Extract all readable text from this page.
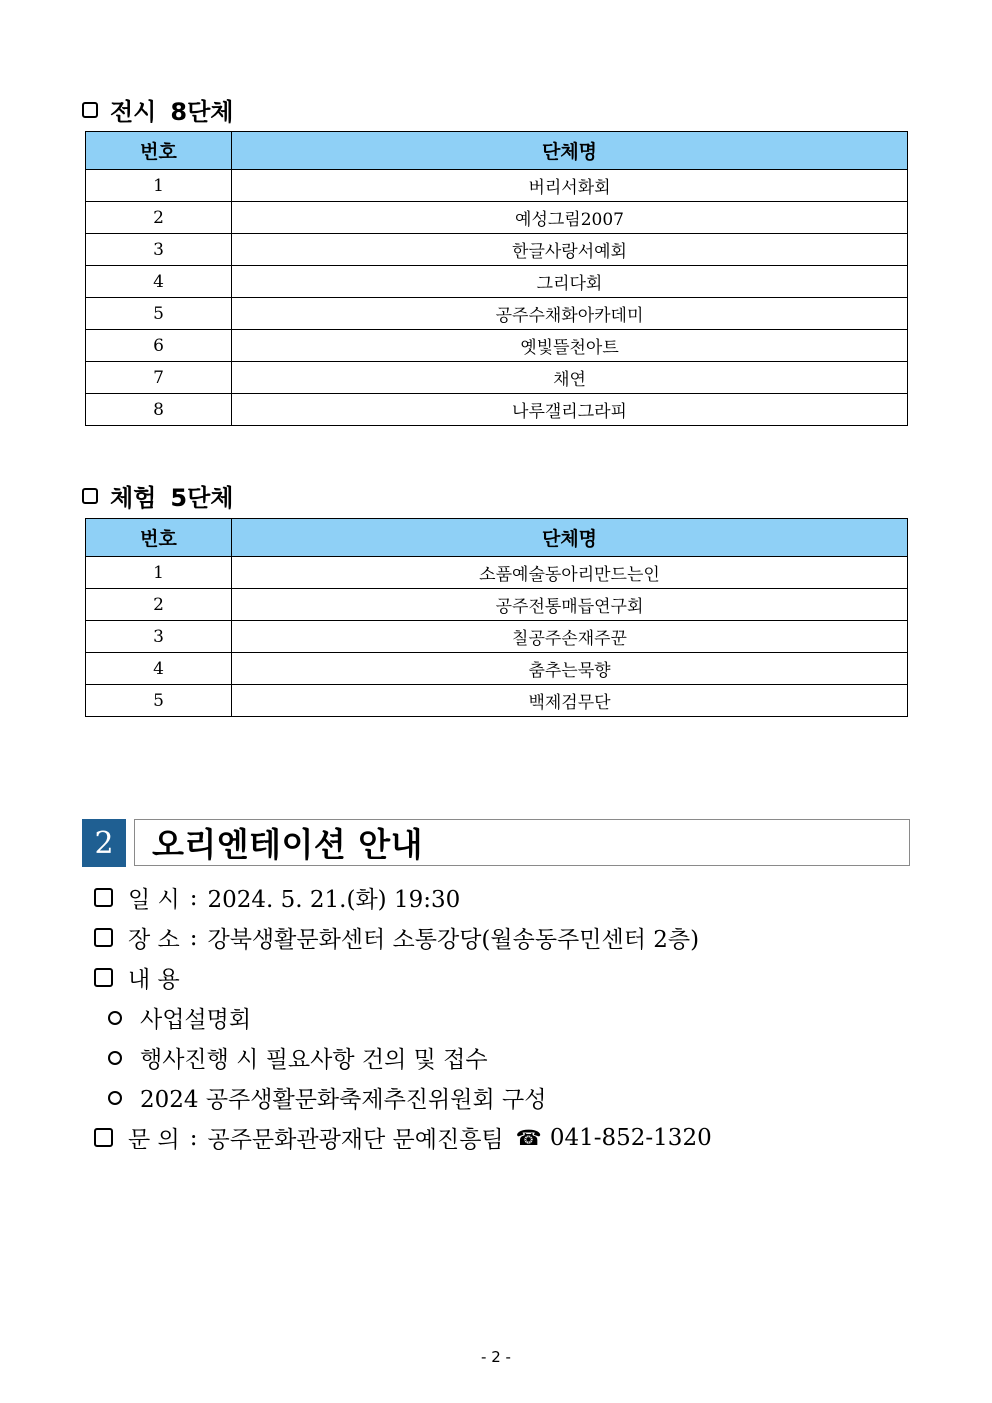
전시 8단체
번호	단체명
1	버리서화회
2	예성그림2007
3	한글사랑서예회
4	그리다회
5	공주수채화아카데미
6	옛빛뜰천아트
7	채연
8	나루갤리그라피
체험 5단체
번호	단체명
1	소품예술동아리만드는인
2	공주전통매듭연구회
3	칠공주손재주꾼
4	춤추는묵향
5	백제검무단
2	오리엔테이션 안내
일 시 : 2024. 5. 21.(화) 19:30
장 소 : 강북생활문화센터 소통강당(월송동주민센터 2층)
내 용
사업설명회
행사진행 시 필요사항 건의 및 접수
2024 공주생활문화축제추진위원회 구성
문 의 : 공주문화관광재단 문예진흥팀 ☎ 041-852-1320
- 2 -
